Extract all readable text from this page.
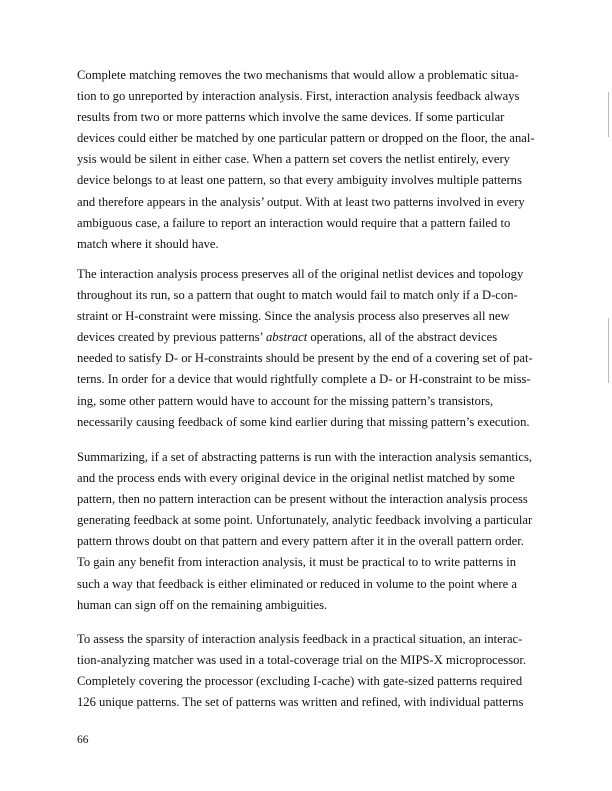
Complete matching removes the two mechanisms that would allow a problematic situa-
tion to go unreported by interaction analysis. First, interaction analysis feedback always
results from two or more patterns which involve the same devices. If some particular
devices could either be matched by one particular pattern or dropped on the floor, the anal-
ysis would be silent in either case. When a pattern set covers the netlist entirely, every
device belongs to at least one pattern, so that every ambiguity involves multiple patterns
and therefore appears in the analysis’ output. With at least two patterns involved in every
ambiguous case, a failure to report an interaction would require that a pattern failed to
match where it should have.
The interaction analysis process preserves all of the original netlist devices and topology
throughout its run, so a pattern that ought to match would fail to match only if a D-con-
straint or H-constraint were missing. Since the analysis process also preserves all new
devices created by previous patterns’ abstract operations, all of the abstract devices
needed to satisfy D- or H-constraints should be present by the end of a covering set of pat-
terns. In order for a device that would rightfully complete a D- or H-constraint to be miss-
ing, some other pattern would have to account for the missing pattern’s transistors,
necessarily causing feedback of some kind earlier during that missing pattern’s execution.
Summarizing, if a set of abstracting patterns is run with the interaction analysis semantics,
and the process ends with every original device in the original netlist matched by some
pattern, then no pattern interaction can be present without the interaction analysis process
generating feedback at some point. Unfortunately, analytic feedback involving a particular
pattern throws doubt on that pattern and every pattern after it in the overall pattern order.
To gain any benefit from interaction analysis, it must be practical to to write patterns in
such a way that feedback is either eliminated or reduced in volume to the point where a
human can sign off on the remaining ambiguities.
To assess the sparsity of interaction analysis feedback in a practical situation, an interac-
tion-analyzing matcher was used in a total-coverage trial on the MIPS-X microprocessor.
Completely covering the processor (excluding I-cache) with gate-sized patterns required
126 unique patterns. The set of patterns was written and refined, with individual patterns
66
